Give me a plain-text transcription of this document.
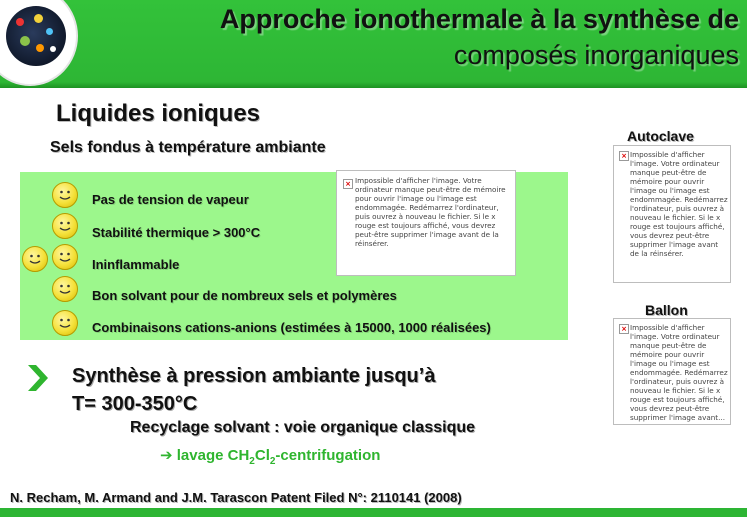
Approche ionothermale à la synthèse de
composés inorganiques
Liquides ioniques
Sels fondus à température ambiante
Pas de tension de vapeur
Stabilité thermique > 300°C
Ininflammable
Bon solvant pour de nombreux sels et polymères
Combinaisons cations-anions (estimées à 15000, 1000 réalisées)
× Impossible d'afficher l'image. Votre ordinateur manque peut-être de mémoire pour ouvrir l'image ou l'image est endommagée. Redémarrez l'ordinateur, puis ouvrez à nouveau le fichier. Si le x rouge est toujours affiché, vous devrez peut-être supprimer l'image avant de la réinsérer.
Autoclave
× Impossible d'afficher l'image. Votre ordinateur manque peut-être de mémoire pour ouvrir l'image ou l'image est endommagée. Redémarrez l'ordinateur, puis ouvrez à nouveau le fichier. Si le x rouge est toujours affiché, vous devrez peut-être supprimer l'image avant de la réinsérer.
Ballon
× Impossible d'afficher l'image. Votre ordinateur manque peut-être de mémoire pour ouvrir l'image ou l'image est endommagée. Redémarrez l'ordinateur, puis ouvrez à nouveau le fichier. Si le x rouge est toujours affiché, vous devrez peut-être supprimer l'image avant...
Synthèse à pression ambiante jusqu’à
T= 300-350°C
Recyclage solvant : voie organique classique
➔ lavage $CH_2Cl_2$-centrifugation
N. Recham, M. Armand and J.M. Tarascon Patent Filed N°: 2110141 (2008)
